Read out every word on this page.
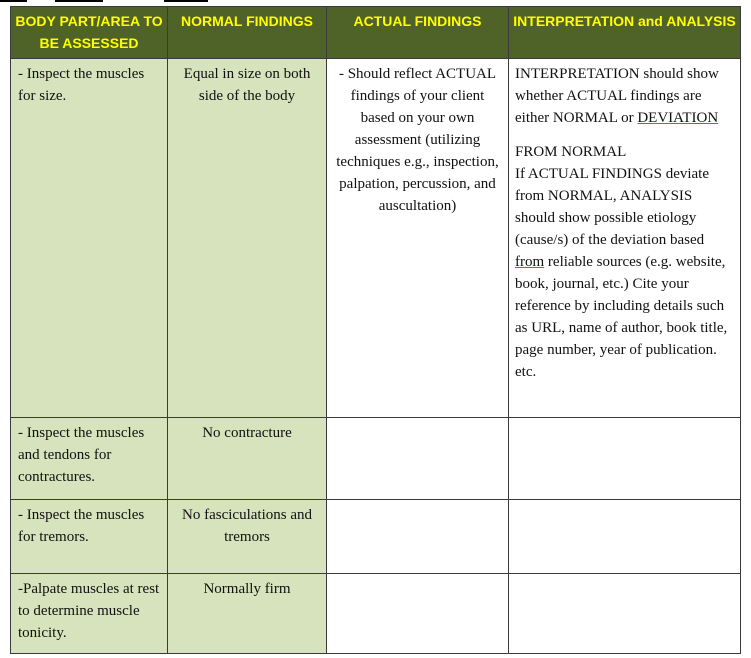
BODY PART/AREA TO BE ASSESSED	NORMAL FINDINGS	ACTUAL FINDINGS	INTERPRETATION and ANALYSIS
- Inspect the muscles for size.	Equal in size on both side of the body	- Should reflect ACTUAL findings of your client based on your own assessment (utilizing techniques e.g., inspection, palpation, percussion, and auscultation)	INTERPRETATION should show whether ACTUAL findings are either NORMAL or DEVIATION
FROM NORMAL
If ACTUAL FINDINGS deviate from NORMAL, ANALYSIS should show possible etiology (cause/s) of the deviation based from reliable sources (e.g. website, book, journal, etc.) Cite your reference by including details such as URL, name of author, book title, page number, year of publication. etc.

- Inspect the muscles and tendons for contractures.	No contracture		
- Inspect the muscles for tremors.	No fasciculations and tremors		
-Palpate muscles at rest to determine muscle tonicity.	Normally firm		
